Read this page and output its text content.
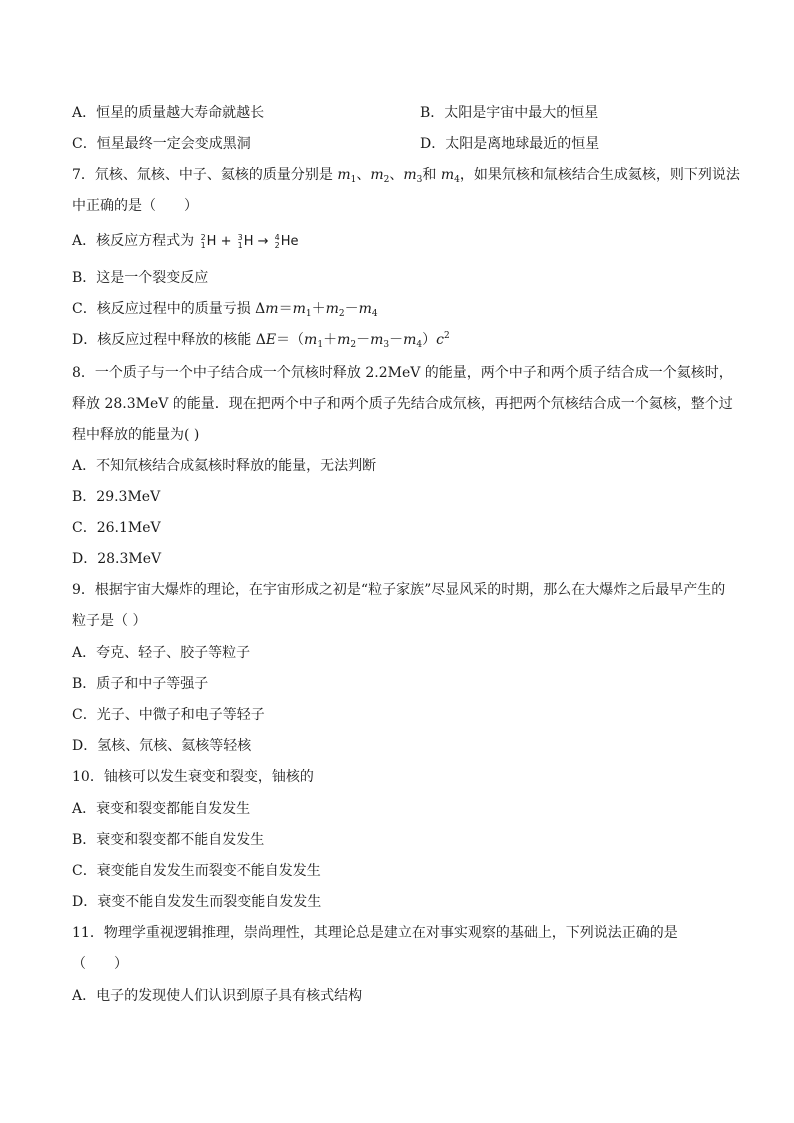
A．恒星的质量越大寿命就越长	B．太阳是宇宙中最大的恒星
C．恒星最终一定会变成黑洞	D．太阳是离地球最近的恒星
7．氘核、氚核、中子、氦核的质量分别是 $m_1$、$m_2$、$m_3$和 $m_4$，如果氘核和氚核结合生成氦核，则下列说法
中正确的是（　　）
A．核反应方程式为 2
1 H + 3
1 H → 4
2 He
B．这是一个裂变反应
C．核反应过程中的质量亏损 $\Delta m=m_1+m_2-m_4$
D．核反应过程中释放的核能 $\Delta E=(m_1+m_2-m_3-m_4)c^2$
8．一个质子与一个中子结合成一个氘核时释放 2.2MeV 的能量，两个中子和两个质子结合成一个氦核时，
释放 28.3MeV 的能量．现在把两个中子和两个质子先结合成氘核，再把两个氘核结合成一个氦核，整个过
程中释放的能量为( )
A．不知氘核结合成氦核时释放的能量，无法判断
B．29.3MeV
C．26.1MeV
D．28.3MeV
9．根据宇宙大爆炸的理论，在宇宙形成之初是“粒子家族”尽显风采的时期，那么在大爆炸之后最早产生的
粒子是（ ）
A．夸克、轻子、胶子等粒子
B．质子和中子等强子
C．光子、中微子和电子等轻子
D．氢核、氘核、氦核等轻核
10．铀核可以发生衰变和裂变，铀核的
A．衰变和裂变都能自发发生
B．衰变和裂变都不能自发发生
C．衰变能自发发生而裂变不能自发发生
D．衰变不能自发发生而裂变能自发发生
11．物理学重视逻辑推理，崇尚理性，其理论总是建立在对事实观察的基础上，下列说法正确的是
（　　）
A．电子的发现使人们认识到原子具有核式结构
